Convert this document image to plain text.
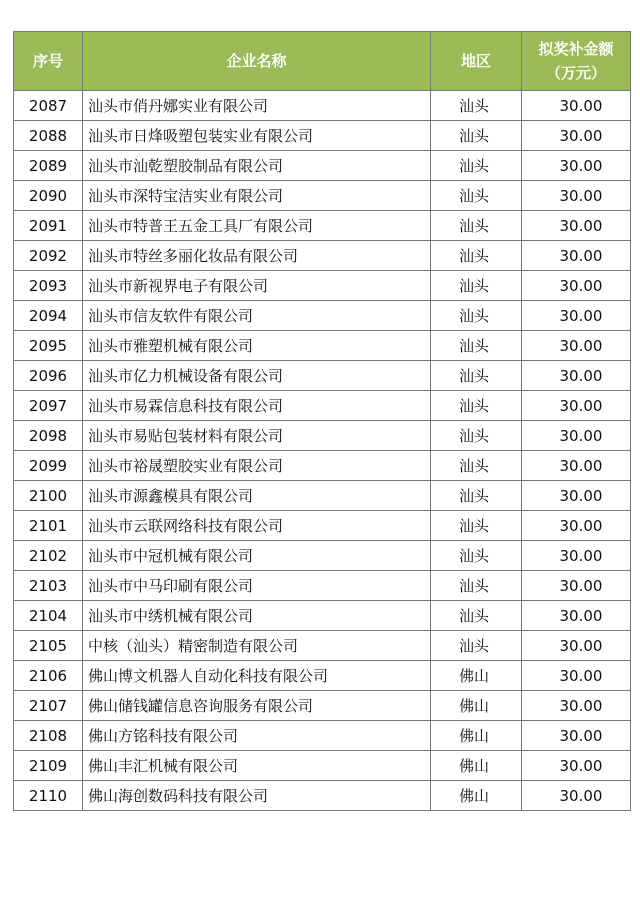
序号	企业名称	地区	拟奖补金额
（万元）

2087	汕头市俏丹娜实业有限公司	汕头	30.00
2088	汕头市日烽吸塑包装实业有限公司	汕头	30.00
2089	汕头市汕乾塑胶制品有限公司	汕头	30.00
2090	汕头市深特宝洁实业有限公司	汕头	30.00
2091	汕头市特普王五金工具厂有限公司	汕头	30.00
2092	汕头市特丝多丽化妆品有限公司	汕头	30.00
2093	汕头市新视界电子有限公司	汕头	30.00
2094	汕头市信友软件有限公司	汕头	30.00
2095	汕头市雅塑机械有限公司	汕头	30.00
2096	汕头市亿力机械设备有限公司	汕头	30.00
2097	汕头市易霖信息科技有限公司	汕头	30.00
2098	汕头市易贴包装材料有限公司	汕头	30.00
2099	汕头市裕晟塑胶实业有限公司	汕头	30.00
2100	汕头市源鑫模具有限公司	汕头	30.00
2101	汕头市云联网络科技有限公司	汕头	30.00
2102	汕头市中冠机械有限公司	汕头	30.00
2103	汕头市中马印刷有限公司	汕头	30.00
2104	汕头市中绣机械有限公司	汕头	30.00
2105	中核（汕头）精密制造有限公司	汕头	30.00
2106	佛山博文机器人自动化科技有限公司	佛山	30.00
2107	佛山储钱罐信息咨询服务有限公司	佛山	30.00
2108	佛山方铭科技有限公司	佛山	30.00
2109	佛山丰汇机械有限公司	佛山	30.00
2110	佛山海创数码科技有限公司	佛山	30.00
